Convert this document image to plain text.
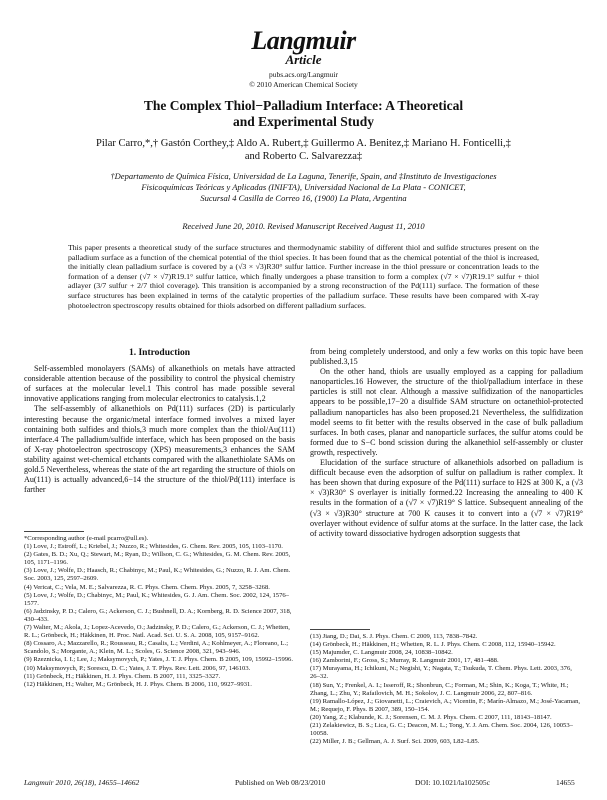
Langmuir
Article
pubs.acs.org/Langmuir
© 2010 American Chemical Society
The Complex Thiol−Palladium Interface: A Theoretical
and Experimental Study
Pilar Carro,*,† Gastón Corthey,‡ Aldo A. Rubert,‡ Guillermo A. Benitez,‡ Mariano H. Fonticelli,‡
and Roberto C. Salvarezza‡
†Departamento de Química Física, Universidad de La Laguna, Tenerife, Spain, and ‡Instituto de Investigaciones
Fisicoquímicas Teóricas y Aplicadas (INIFTA), Universidad Nacional de La Plata - CONICET,
Sucursal 4 Casilla de Correo 16, (1900) La Plata, Argentina
Received June 20, 2010. Revised Manuscript Received August 11, 2010
This paper presents a theoretical study of the surface structures and thermodynamic stability of different thiol and sulfide structures present on the palladium surface as a function of the chemical potential of the thiol species. It has been found that as the chemical potential of the thiol is increased, the initially clean palladium surface is covered by a (√3 × √3)R30° sulfur lattice. Further increase in the thiol pressure or concentration leads to the formation of a denser (√7 × √7)R19.1° sulfur lattice, which finally undergoes a phase transition to form a complex (√7 × √7)R19.1° sulfur + thiol adlayer (3/7 sulfur + 2/7 thiol coverage). This transition is accompanied by a strong reconstruction of the Pd(111) surface. The formation of these surface structures has been explained in terms of the catalytic properties of the palladium surface. These results have been compared with X-ray photoelectron spectroscopy results obtained for thiols adsorbed on different palladium surfaces.
1. Introduction

Self-assembled monolayers (SAMs) of alkanethiols on metals have attracted considerable attention because of the possibility to control the physical chemistry of surfaces at the molecular level.1 This control has made possible several innovative applications ranging from molecular electronics to catalysis.1,2

The self-assembly of alkanethiols on Pd(111) surfaces (2D) is particularly interesting because the organic/metal interface formed involves a mixed layer containing both sulfides and thiols,3 much more complex than the thiol/Au(111) interface.4 The palladium/sulfide interface, which has been proposed on the basis of X-ray photoelectron spectroscopy (XPS) measurements,3 enhances the SAM stability against wet-chemical etchants compared with the alkanethiolate SAMs on gold.5 Nevertheless, whereas the state of the art regarding the structure of thiols on Au(111) is actually advanced,6−14 the structure of the thiol/Pd(111) interface is farther

*Corresponding author (e-mail pcarro@ull.es).
(1) Love, J.; Estroff, L.; Kriebel, J.; Nuzzo, R.; Whitesides, G. Chem. Rev. 2005, 105, 1103–1170.
(2) Gates, B. D.; Xu, Q.; Stewart, M.; Ryan, D.; Willson, C. G.; Whitesides, G. M. Chem. Rev. 2005, 105, 1171–1196.
(3) Love, J.; Wolfe, D.; Haasch, R.; Chabinyc, M.; Paul, K.; Whitesides, G.; Nuzzo, R. J. Am. Chem. Soc. 2003, 125, 2597–2609.
(4) Vericat, C.; Vela, M. E.; Salvarezza, R. C. Phys. Chem. Chem. Phys. 2005, 7, 3258–3268.
(5) Love, J.; Wolfe, D.; Chabinyc, M.; Paul, K.; Whitesides, G. J. Am. Chem. Soc. 2002, 124, 1576–1577.
(6) Jadzinsky, P. D.; Calero, G.; Ackerson, C. J.; Bushnell, D. A.; Kornberg, R. D. Science 2007, 318, 430–433.
(7) Walter, M.; Akola, J.; Lopez-Acevedo, O.; Jadzinsky, P. D.; Calero, G.; Ackerson, C. J.; Whetten, R. L.; Grönbeck, H.; Häkkinen, H. Proc. Natl. Acad. Sci. U. S. A. 2008, 105, 9157–9162.
(8) Cossaro, A.; Mazzarello, R.; Rousseau, R.; Casalis, L.; Verdini, A.; Kohlmeyer, A.; Floreano, L.; Scandolo, S.; Morgante, A.; Klein, M. L.; Scoles, G. Science 2008, 321, 943–946.
(9) Rzeznicka, I. I.; Lee, J.; Maksymovych, P.; Yates, J. T. J. Phys. Chem. B 2005, 109, 15992–15996.
(10) Maksymovych, P.; Sorescu, D. C.; Yates, J. T. Phys. Rev. Lett. 2006, 97, 146103.
(11) Grönbeck, H.; Häkkinen, H. J. Phys. Chem. B 2007, 111, 3325–3327.
(12) Häkkinen, H.; Walter, M.; Grönbeck, H. J. Phys. Chem. B 2006, 110, 9927–9931.

from being completely understood, and only a few works on this topic have been published.3,15

On the other hand, thiols are usually employed as a capping for palladium nanoparticles.16 However, the structure of the thiol/palladium interface in these particles is still not clear. Although a massive sulfidization of the nanoparticles appears to be possible,17−20 a disulfide SAM structure on octanethiol-protected palladium nanoparticles has also been proposed.21 Nevertheless, the sulfidization model seems to fit better with the results observed in the case of bulk palladium surfaces. In both cases, planar and nanoparticle surfaces, the sulfur atoms could be formed due to S−C bond scission during the alkanethiol self-assembly or cluster growth, respectively.

Elucidation of the surface structure of alkanethiols adsorbed on palladium is difficult because even the adsorption of sulfur on palladium is rather complex. It has been shown that during exposure of the Pd(111) surface to H2S at 300 K, a (√3 × √3)R30° S overlayer is initially formed.22 Increasing the annealing to 400 K results in the formation of a (√7 × √7)R19° S lattice. Subsequent annealing of the (√3 × √3)R30° structure at 700 K causes it to convert into a (√7 × √7)R19° overlayer without evidence of sulfur atoms at the surface. In the latter case, the lack of activity toward dissociative hydrogen adsorption suggests that

(13) Jiang, D.; Dai, S. J. Phys. Chem. C 2009, 113, 7838–7842.
(14) Grönbeck, H.; Häkkinen, H.; Whetten, R. L. J. Phys. Chem. C 2008, 112, 15940–15942.
(15) Majumder, C. Langmuir 2008, 24, 10838–10842.
(16) Zamborini, F.; Gross, S.; Murray, R. Langmuir 2001, 17, 481–488.
(17) Murayama, H.; Ichikuni, N.; Negishi, Y.; Nagata, T.; Tsukuda, T. Chem. Phys. Lett. 2003, 376, 26–32.
(18) Sun, Y.; Frenkel, A. I.; Isseroff, R.; Shonbrun, C.; Forman, M.; Shin, K.; Koga, T.; White, H.; Zhang, L.; Zhu, Y.; Rafailovich, M. H.; Sokolov, J. C. Langmuir 2006, 22, 807–816.
(19) Ramallo-López, J.; Giovanetti, L.; Craievich, A.; Vicentin, F.; Marín-Almazo, M.; José-Yacaman, M.; Requejo, F. Phys. B 2007, 389, 150–154.
(20) Yang, Z.; Klabunde, K. J.; Sorensen, C. M. J. Phys. Chem. C 2007, 111, 18143–18147.
(21) Zelakiewicz, B. S.; Lica, G. C.; Deacon, M. L.; Tong, Y. J. Am. Chem. Soc. 2004, 126, 10053–10058.
(22) Miller, J. B.; Gellman, A. J. Surf. Sci. 2009, 603, L82–L85.
Langmuir 2010, 26(18), 14655–14662	Published on Web 08/23/2010	DOI: 10.1021/la102505c	14655
